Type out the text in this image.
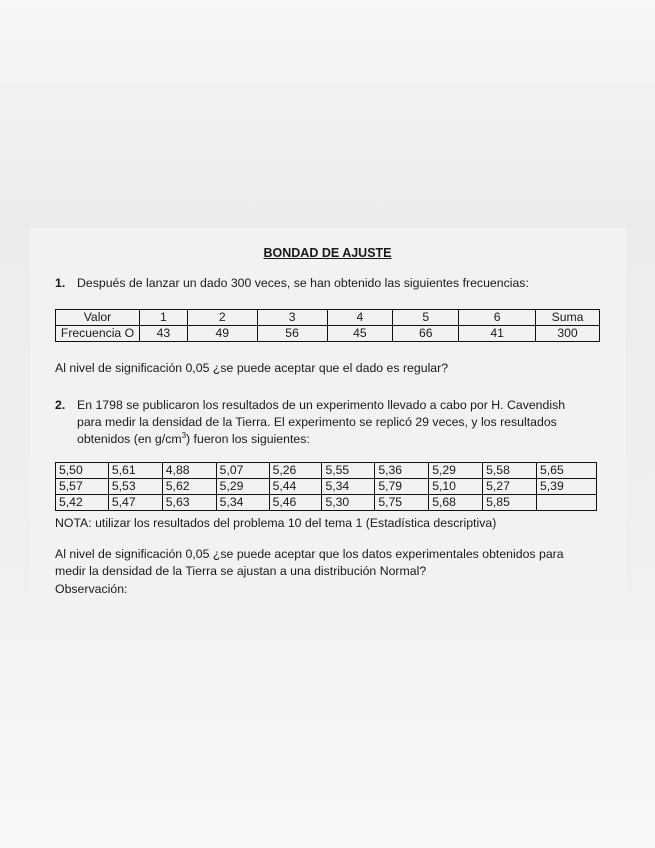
BONDAD DE AJUSTE
1. Después de lanzar un dado 300 veces, se han obtenido las siguientes frecuencias:
Valor	1	2	3	4	5	6	Suma
Frecuencia O	43	49	56	45	66	41	300
Al nivel de significación 0,05 ¿se puede aceptar que el dado es regular?
2. En 1798 se publicaron los resultados de un experimento llevado a cabo por H. Cavendish
para medir la densidad de la Tierra. El experimento se replicó 29 veces, y los resultados
obtenidos (en $g/cm^3$) fueron los siguientes:
5,50	5,61	4,88	5,07	5,26	5,55	5,36	5,29	5,58	5,65
5,57	5,53	5,62	5,29	5,44	5,34	5,79	5,10	5,27	5,39
5,42	5,47	5,63	5,34	5,46	5,30	5,75	5,68	5,85	
NOTA: utilizar los resultados del problema 10 del tema 1 (Estadística descriptiva)
Al nivel de significación 0,05 ¿se puede aceptar que los datos experimentales obtenidos para
medir la densidad de la Tierra se ajustan a una distribución Normal?
Observación:
